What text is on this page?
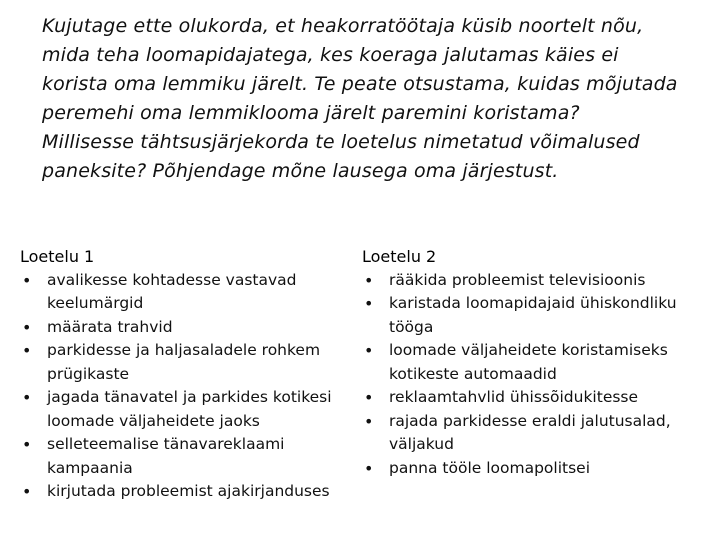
Kujutage ette olukorda, et heakorratöötaja küsib noortelt nõu, mida teha loomapidajatega, kes koeraga jalutamas käies ei korista oma lemmiku järelt. Te peate otsustama, kuidas mõjutada peremehi oma lemmiklooma järelt paremini koristama?

Millisesse tähtsusjärjekorda te loetelus nimetatud võimalused paneksite? Põhjendage mõne lausega oma järjestust.

Loetelu 1
• avalikesse kohtadesse vastavad keelumärgid
• määrata trahvid
• parkidesse ja haljasaladele rohkem prügikaste
• jagada tänavatel ja parkides kotikesi loomade väljaheidete jaoks
• selleteemalise tänavareklaami kampaania
• kirjutada probleemist ajakirjanduses
Loetelu 2
• rääkida probleemist televisioonis
• karistada loomapidajaid ühiskondliku tööga
• loomade väljaheidete koristamiseks kotikeste automaadid
• reklaamtahvlid ühissõidukitesse
• rajada parkidesse eraldi jalutusalad, väljakud
• panna tööle loomapolitsei
